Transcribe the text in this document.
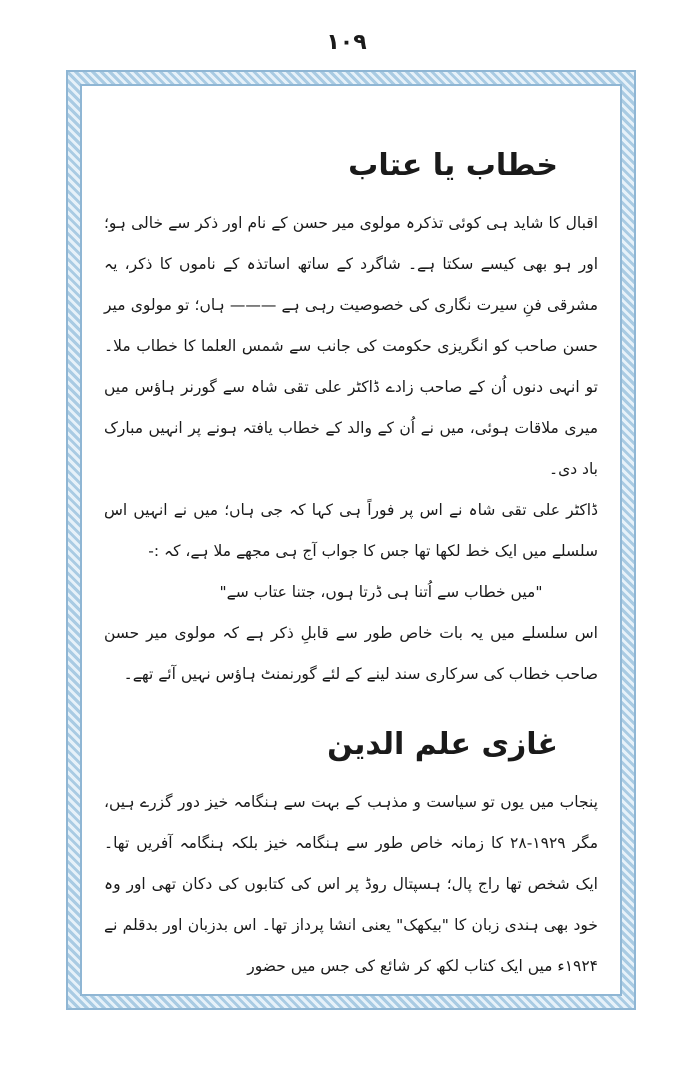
۱۰۹
خطاب یا عتاب

اقبال کا شاید ہی کوئی تذکرہ مولوی میر حسن کے نام اور ذکر سے خالی ہو؛ اور ہو بھی کیسے سکتا ہے۔ شاگرد کے ساتھ اساتذہ کے ناموں کا ذکر، یہ مشرقی فنِ سیرت نگاری کی خصوصیت رہی ہے ——— ہاں؛ تو مولوی میر حسن صاحب کو انگریزی حکومت کی جانب سے شمس العلما کا خطاب ملا۔ تو انہی دنوں اُن کے صاحب زادے ڈاکٹر علی تقی شاہ سے گورنر ہاؤس میں میری ملاقات ہوئی، میں نے اُن کے والد کے خطاب یافتہ ہونے پر انہیں مبارک باد دی۔

ڈاکٹر علی تقی شاہ نے اس پر فوراً ہی کہا کہ جی ہاں؛ میں نے انہیں اس سلسلے میں ایک خط لکھا تھا جس کا جواب آج ہی مجھے ملا ہے، کہ :-

"میں خطاب سے اُتنا ہی ڈرتا ہوں، جتنا عتاب سے"

اس سلسلے میں یہ بات خاص طور سے قابلِ ذکر ہے کہ مولوی میر حسن صاحب خطاب کی سرکاری سند لینے کے لئے گورنمنٹ ہاؤس نہیں آئے تھے۔

غازی علم الدین

پنجاب میں یوں تو سیاست و مذہب کے بہت سے ہنگامہ خیز دور گزرے ہیں، مگر ۱۹۲۹-۲۸ کا زمانہ خاص طور سے ہنگامہ خیز بلکہ ہنگامہ آفریں تھا۔ ایک شخص تھا راج پال؛ ہسپتال روڈ پر اس کی کتابوں کی دکان تھی اور وہ خود بھی ہندی زبان کا "بیکھک" یعنی انشا پرداز تھا۔ اس بدزبان اور بدقلم نے ۱۹۲۴ء میں ایک کتاب لکھ کر شائع کی جس میں حضور
